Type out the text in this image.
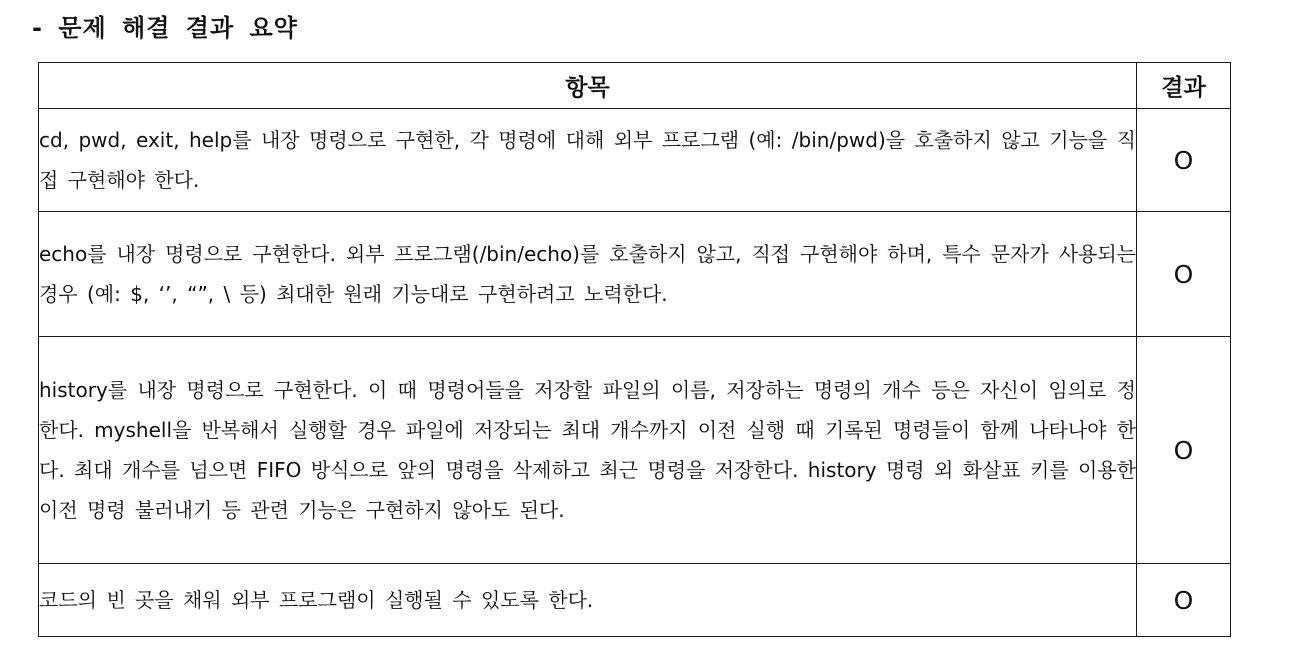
- 문제 해결 결과 요약
항목	결과
cd, pwd, exit, help를 내장 명령으로 구현한, 각 명령에 대해 외부 프로그램 (예: /bin/pwd)을 호출하지 않고 기능을 직접 구현해야 한다.	O
echo를 내장 명령으로 구현한다. 외부 프로그램(/bin/echo)를 호출하지 않고, 직접 구현해야 하며, 특수 문자가 사용되는 경우 (예: $, ‘’, “”, \ 등) 최대한 원래 기능대로 구현하려고 노력한다.	O
history를 내장 명령으로 구현한다. 이 때 명령어들을 저장할 파일의 이름, 저장하는 명령의 개수 등은 자신이 임의로 정한다. myshell을 반복해서 실행할 경우 파일에 저장되는 최대 개수까지 이전 실행 때 기록된 명령들이 함께 나타나야 한다. 최대 개수를 넘으면 FIFO 방식으로 앞의 명령을 삭제하고 최근 명령을 저장한다. history 명령 외 화살표 키를 이용한 이전 명령 불러내기 등 관련 기능은 구현하지 않아도 된다.	O
코드의 빈 곳을 채워 외부 프로그램이 실행될 수 있도록 한다.	O
